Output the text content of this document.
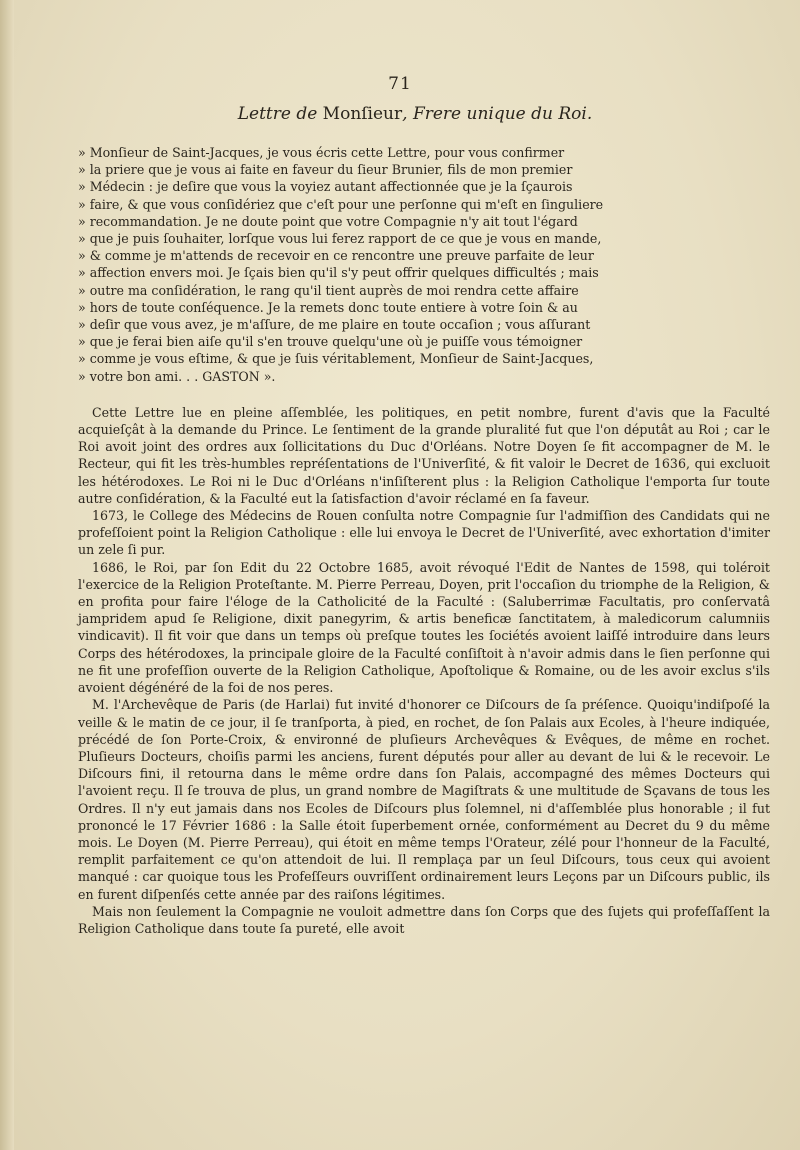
71
Lettre de Monſieur, Frere unique du Roi.
» Monſieur de Saint-Jacques, je vous écris cette Lettre, pour vous confirmer
» la priere que je vous ai faite en faveur du ſieur Brunier, fils de mon premier
» Médecin : je deſire que vous la voyiez autant affectionnée que je la ſçaurois
» faire, & que vous conſidériez que c'eſt pour une perſonne qui m'eſt en ſinguliere
» recommandation. Je ne doute point que votre Compagnie n'y ait tout l'égard
» que je puis ſouhaiter, lorſque vous lui ferez rapport de ce que je vous en mande,
» & comme je m'attends de recevoir en ce rencontre une preuve parfaite de leur
» affection envers moi. Je ſçais bien qu'il s'y peut offrir quelques difficultés ; mais
» outre ma conſidération, le rang qu'il tient auprès de moi rendra cette affaire
» hors de toute conſéquence. Je la remets donc toute entiere à votre ſoin & au
» deſir que vous avez, je m'aſſure, de me plaire en toute occaſion ; vous aſſurant
» que je ferai bien aiſe qu'il s'en trouve quelqu'une où je puiſſe vous témoigner
» comme je vous eſtime, & que je ſuis véritablement, Monſieur de Saint-Jacques,
» votre bon ami. . . GASTON ».

Cette Lettre lue en pleine aſſemblée, les politiques, en petit nombre, furent d'avis que la Faculté acquieſçât à la demande du Prince. Le ſentiment de la grande pluralité fut que l'on députât au Roi ; car le Roi avoit joint des ordres aux ſollicitations du Duc d'Orléans. Notre Doyen ſe fit accompagner de M. le Recteur, qui fit les très-humbles repréſentations de l'Univerſité, & fit valoir le Decret de 1636, qui excluoit les hétérodoxes. Le Roi ni le Duc d'Orléans n'inſiſterent plus : la Religion Catholique l'emporta ſur toute autre conſidération, & la Faculté eut la ſatisfaction d'avoir réclamé en ſa faveur.

1673, le College des Médecins de Rouen conſulta notre Compagnie ſur l'admiſſion des Candidats qui ne profeſſoient point la Religion Catholique : elle lui envoya le Decret de l'Univerſité, avec exhortation d'imiter un zele ſi pur.

1686, le Roi, par ſon Edit du 22 Octobre 1685, avoit révoqué l'Edit de Nantes de 1598, qui toléroit l'exercice de la Religion Proteſtante. M. Pierre Perreau, Doyen, prit l'occaſion du triomphe de la Religion, & en profita pour faire l'éloge de la Catholicité de la Faculté : (Saluberrimæ Facultatis, pro conſervatâ jampridem apud ſe Religione, dixit panegyrim, & artis beneficæ ſanctitatem, à maledicorum calumniis vindicavit). Il fit voir que dans un temps où preſque toutes les ſociétés avoient laiſſé introduire dans leurs Corps des hétérodoxes, la principale gloire de la Faculté conſiſtoit à n'avoir admis dans le ſien perſonne qui ne fit une profeſſion ouverte de la Religion Catholique, Apoſtolique & Romaine, ou de les avoir exclus s'ils avoient dégénéré de la foi de nos peres.

M. l'Archevêque de Paris (de Harlai) fut invité d'honorer ce Diſcours de ſa préſence. Quoiqu'indiſpoſé la veille & le matin de ce jour, il ſe tranſporta, à pied, en rochet, de ſon Palais aux Ecoles, à l'heure indiquée, précédé de ſon Porte-Croix, & environné de pluſieurs Archevêques & Evêques, de même en rochet. Pluſieurs Docteurs, choiſis parmi les anciens, furent députés pour aller au devant de lui & le recevoir. Le Diſcours fini, il retourna dans le même ordre dans ſon Palais, accompagné des mêmes Docteurs qui l'avoient reçu. Il ſe trouva de plus, un grand nombre de Magiſtrats & une multitude de Sçavans de tous les Ordres. Il n'y eut jamais dans nos Ecoles de Diſcours plus ſolemnel, ni d'aſſemblée plus honorable ; il fut prononcé le 17 Février 1686 : la Salle étoit ſuperbement ornée, conformément au Decret du 9 du même mois. Le Doyen (M. Pierre Perreau), qui étoit en même temps l'Orateur, zélé pour l'honneur de la Faculté, remplit parfaitement ce qu'on attendoit de lui. Il remplaça par un ſeul Diſcours, tous ceux qui avoient manqué : car quoique tous les Profeſſeurs ouvriſſent ordinairement leurs Leçons par un Diſcours public, ils en furent diſpenſés cette année par des raiſons légitimes.

Mais non ſeulement la Compagnie ne vouloit admettre dans ſon Corps que des ſujets qui profeſſaſſent la Religion Catholique dans toute ſa pureté, elle avoit
